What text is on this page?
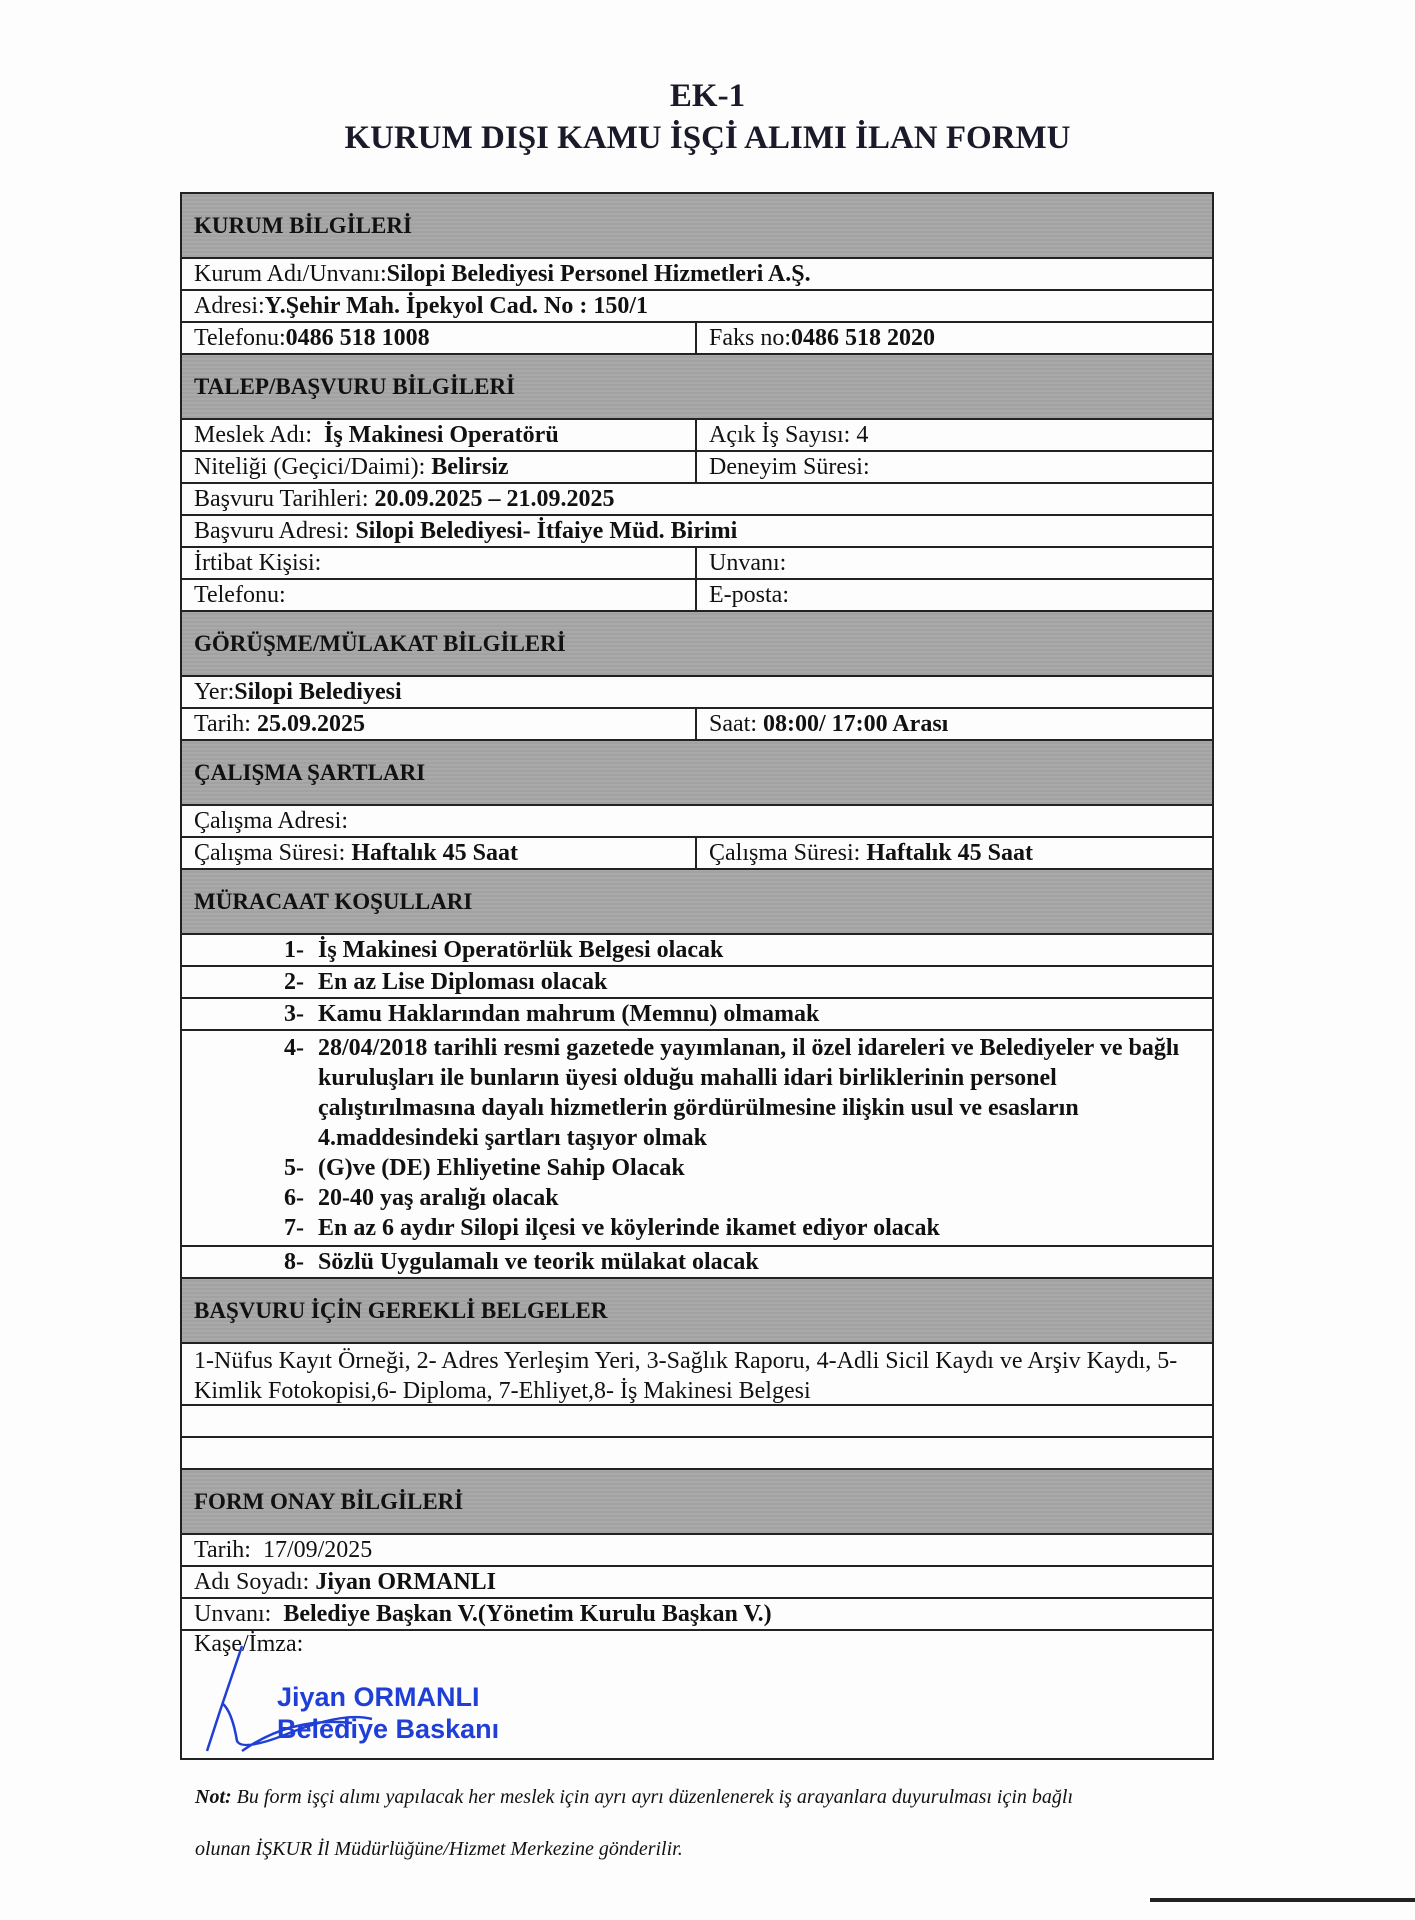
EK-1
KURUM DIŞI KAMU İŞÇİ ALIMI İLAN FORMU
KURUM BİLGİLERİ
Kurum Adı/Unvanı:Silopi Belediyesi Personel Hizmetleri A.Ş.
Adresi:Y.Şehir Mah. İpekyol Cad. No : 150/1
Telefonu:0486 518 1008	Faks no:0486 518 2020
TALEP/BAŞVURU BİLGİLERİ
Meslek Adı:  İş Makinesi Operatörü	Açık İş Sayısı: 4
Niteliği (Geçici/Daimi): Belirsiz	Deneyim Süresi:
Başvuru Tarihleri: 20.09.2025 – 21.09.2025
Başvuru Adresi: Silopi Belediyesi- İtfaiye Müd. Birimi
İrtibat Kişisi:	Unvanı:
Telefonu:	E-posta:
GÖRÜŞME/MÜLAKAT BİLGİLERİ
Yer:Silopi Belediyesi
Tarih: 25.09.2025	Saat: 08:00/ 17:00 Arası
ÇALIŞMA ŞARTLARI
Çalışma Adresi:
Çalışma Süresi: Haftalık 45 Saat	Çalışma Süresi: Haftalık 45 Saat
MÜRACAAT KOŞULLARI
1- İş Makinesi Operatörlük Belgesi olacak
2- En az Lise Diploması olacak
3- Kamu Haklarından mahrum (Memnu) olmamak
4- 28/04/2018 tarihli resmi gazetede yayımlanan, il özel idareleri ve Belediyeler ve bağlı kuruluşları ile bunların üyesi olduğu mahalli idari birliklerinin personel çalıştırılmasına dayalı hizmetlerin gördürülmesine ilişkin usul ve esasların 4.maddesindeki şartları taşıyor olmak
5- (G)ve (DE) Ehliyetine Sahip Olacak
6- 20-40 yaş aralığı olacak
7- En az 6 aydır Silopi ilçesi ve köylerinde ikamet ediyor olacak
8- Sözlü Uygulamalı ve teorik mülakat olacak
BAŞVURU İÇİN GEREKLİ BELGELER
1-Nüfus Kayıt Örneği, 2- Adres Yerleşim Yeri, 3-Sağlık Raporu, 4-Adli Sicil Kaydı ve Arşiv Kaydı, 5- Kimlik Fotokopisi,6- Diploma, 7-Ehliyet,8- İş Makinesi Belgesi
FORM ONAY BİLGİLERİ
Tarih:  17/09/2025
Adı Soyadı: Jiyan ORMANLI
Unvanı:  Belediye Başkan V.(Yönetim Kurulu Başkan V.)
Kaşe/İmza:
Jiyan ORMANLI
Belediye Baskanı
Not: Bu form işçi alımı yapılacak her meslek için ayrı ayrı düzenlenerek iş arayanlara duyurulması için bağlı
olunan İŞKUR İl Müdürlüğüne/Hizmet Merkezine gönderilir.
